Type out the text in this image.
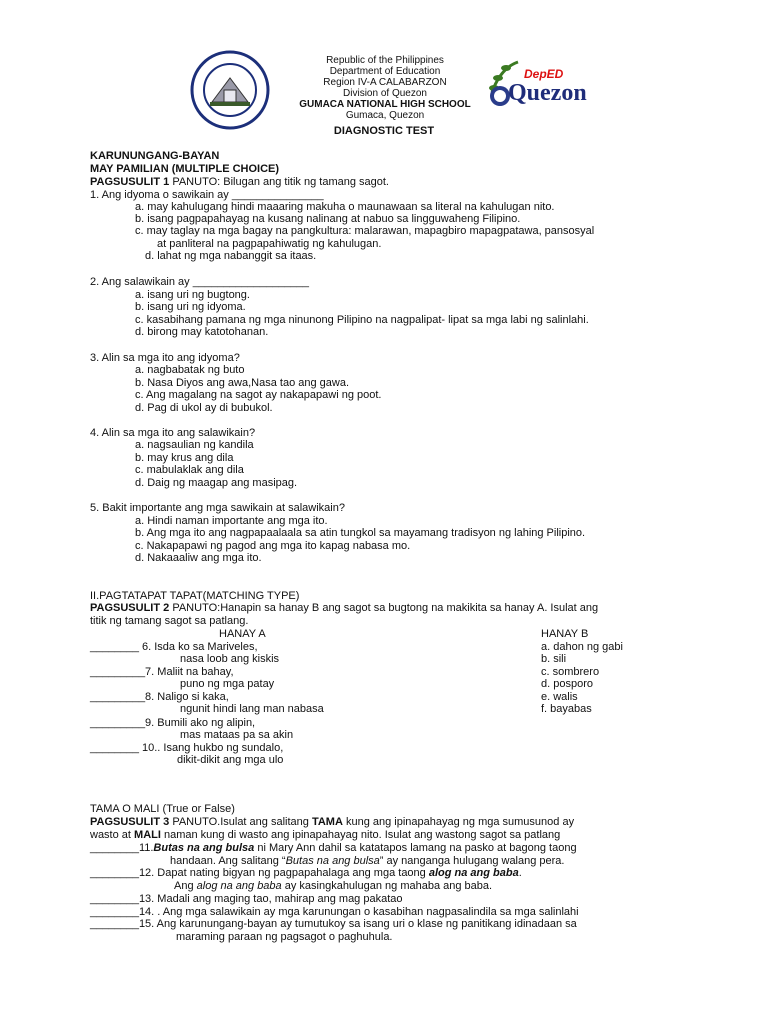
DepED
Quezon
Republic of the Philippines
Department of Education
Region IV-A CALABARZON
Division of Quezon
GUMACA NATIONAL HIGH SCHOOL
Gumaca, Quezon
DIAGNOSTIC TEST
KARUNUNGANG-BAYAN
MAY PAMILIAN (MULTIPLE CHOICE)
PAGSUSULIT 1 PANUTO: Bilugan ang titik ng tamang sagot.
1. Ang idyoma o sawikain ay _______________
a. may kahulugang hindi maaaring makuha o maunawaan sa literal na kahulugan nito.
b. isang pagpapahayag na kusang nalinang at nabuo sa lingguwaheng Filipino.
c. may taglay na mga bagay na pangkultura: malarawan, mapagbiro mapagpatawa, pansosyal
at panliteral na pagpapahiwatig ng kahulugan.
d. lahat ng mga nabanggit sa itaas.
2. Ang salawikain ay ___________________
a. isang uri ng bugtong.
b. isang uri ng idyoma.
c. kasabihang pamana ng mga ninunong Pilipino na nagpalipat- lipat sa mga labi ng salinlahi.
d. birong may katotohanan.
3. Alin sa mga ito ang idyoma?
a. nagbabatak ng buto
b. Nasa Diyos ang awa,Nasa tao ang gawa.
c. Ang magalang na sagot ay nakapapawi ng poot.
d. Pag di ukol ay di bubukol.
4. Alin sa mga ito ang salawikain?
a. nagsaulian ng kandila
b. may krus ang dila
c. mabulaklak ang dila
d. Daig ng maagap ang masipag.
5. Bakit importante ang mga sawikain at salawikain?
a. Hindi naman importante ang mga ito.
b. Ang mga ito ang nagpapaalaala sa atin tungkol sa mayamang tradisyon ng lahing Pilipino.
c. Nakapapawi ng pagod ang mga ito kapag nabasa mo.
d. Nakaaaliw ang mga ito.
II.PAGTATAPAT TAPAT(MATCHING TYPE)
PAGSUSULIT 2 PANUTO:Hanapin sa hanay B ang sagot sa bugtong na makikita sa hanay A. Isulat ang
titik ng tamang sagot sa patlang.
HANAY A	HANAY B
________ 6. Isda ko sa Mariveles,
nasa loob ang kiskis
_________7. Maliit na bahay,
puno ng mga patay
_________8. Naligo si kaka,
ngunit hindi lang man nabasa
_________9. Bumili ako ng alipin,
mas mataas pa sa akin
________ 10.. Isang hukbo ng sundalo,
dikit-dikit ang mga ulo
a. dahon ng gabi
b. sili
c. sombrero
d. posporo
e. walis
f. bayabas
TAMA O MALI (True or False)
PAGSUSULIT 3 PANUTO.Isulat ang salitang TAMA kung ang ipinapahayag ng mga sumusunod ay
wasto at MALI naman kung di wasto ang ipinapahayag nito. Isulat ang wastong sagot sa patlang
________11.Butas na ang bulsa ni Mary Ann dahil sa katatapos lamang na pasko at bagong taong
handaan. Ang salitang “Butas na ang bulsa” ay nanganga hulugang walang pera.
________12. Dapat nating bigyan ng pagpapahalaga ang mga taong alog na ang baba.
Ang alog na ang baba ay kasingkahulugan ng mahaba ang baba.
________13. Madali ang maging tao, mahirap ang mag pakatao
________14. . Ang mga salawikain ay mga karunungan o kasabihan nagpasalindila sa mga salinlahi
________15. Ang karunungang-bayan ay tumutukoy sa isang uri o klase ng panitikang idinadaan sa
maraming paraan ng pagsagot o paghuhula.
